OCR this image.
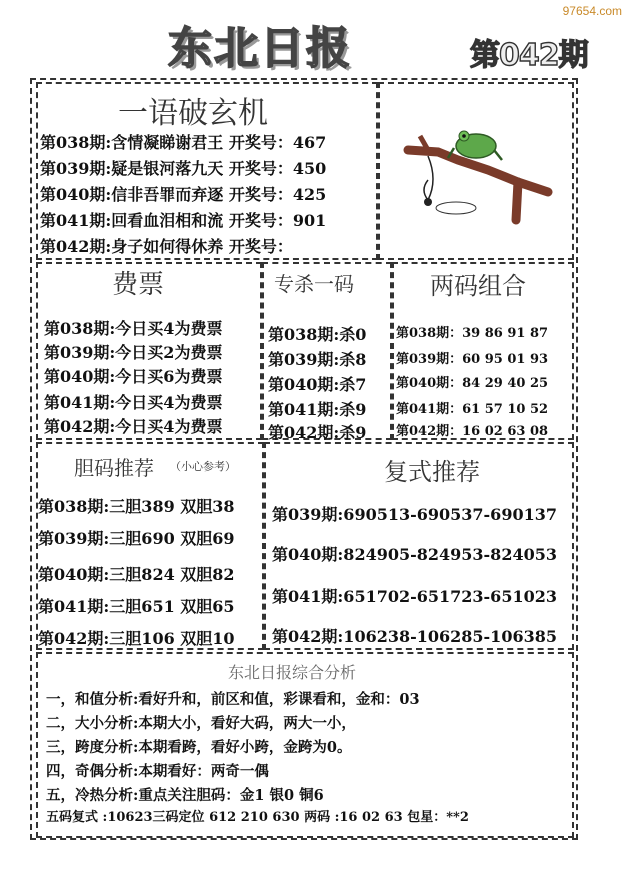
97654.com
东北日报	第042期
一语破玄机
第038期:含情凝睇谢君王 开奖号：467
第039期:疑是银河落九天 开奖号：450
第040期:信非吾罪而弃逐 开奖号：425
第041期:回看血泪相和流 开奖号：901
第042期:身子如何得休养 开奖号：
费票
第038期:今日买4为费票
第039期:今日买2为费票
第040期:今日买6为费票
第041期:今日买4为费票
第042期:今日买4为费票
专杀一码
第038期:杀0
第039期:杀8
第040期:杀7
第041期:杀9
第042期:杀9
两码组合
第038期：39 86 91 87
第039期：60 95 01 93
第040期：84 29 40 25
第041期：61 57 10 52
第042期：16 02 63 08
胆码推荐 （小心参考）
第038期:三胆389 双胆38
第039期:三胆690 双胆69
第040期:三胆824 双胆82
第041期:三胆651 双胆65
第042期:三胆106 双胆10
复式推荐
第039期:690513-690537-690137
第040期:824905-824953-824053
第041期:651702-651723-651023
第042期:106238-106285-106385
东北日报综合分析
一，和值分析:看好升和，前区和值，彩课看和，金和：03
二，大小分析:本期大小，看好大码，两大一小，
三，跨度分析:本期看跨，看好小跨，金跨为0。
四，奇偶分析:本期看好：两奇一偶
五，冷热分析:重点关注胆码：金1 银0 铜6
五码复式 :10623三码定位 612 210 630 两码 :16 02 63 包星：**2
